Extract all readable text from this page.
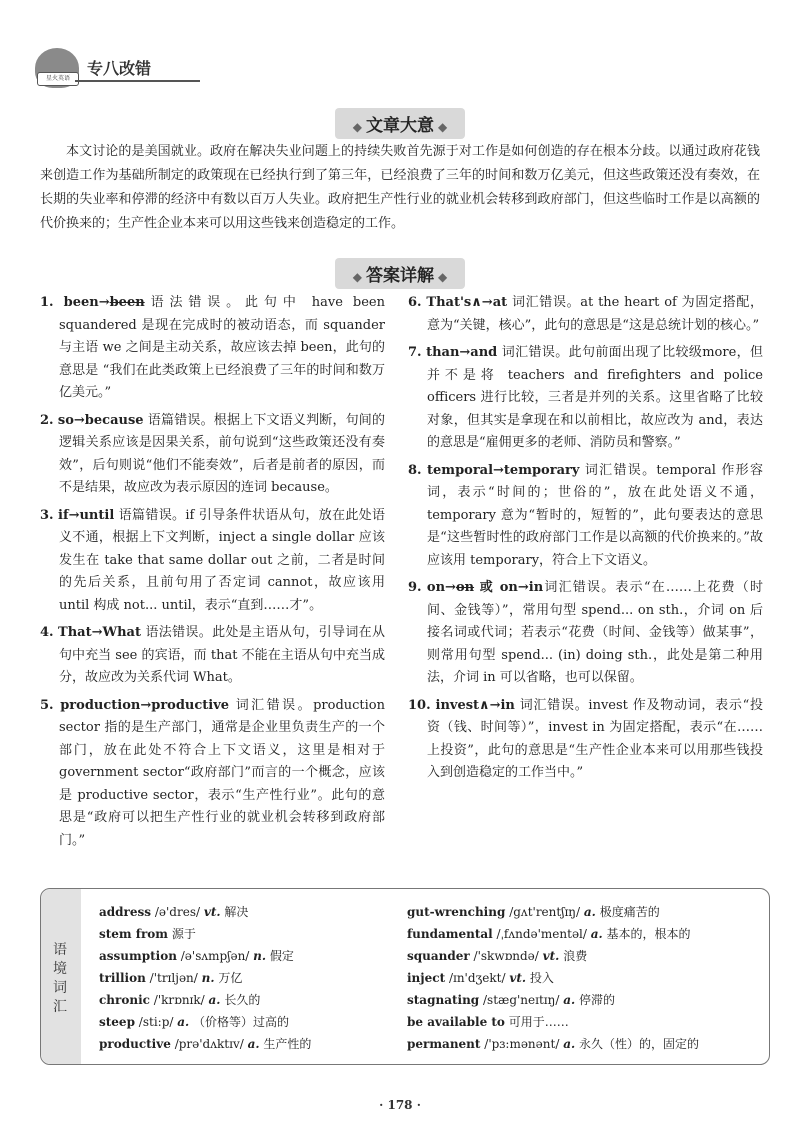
星火英语
专八改错
◆ 文章大意 ◆
本文讨论的是美国就业。政府在解决失业问题上的持续失败首先源于对工作是如何创造的存在根本分歧。以通过政府花钱来创造工作为基础所制定的政策现在已经执行到了第三年，已经浪费了三年的时间和数万亿美元，但这些政策还没有奏效，在长期的失业率和停滞的经济中有数以百万人失业。政府把生产性行业的就业机会转移到政府部门，但这些临时工作是以高额的代价换来的；生产性企业本来可以用这些钱来创造稳定的工作。
◆ 答案详解 ◆

1. been→been语法错误。此句中 have been squandered 是现在完成时的被动语态，而 squander 与主语 we 之间是主动关系，故应该去掉 been，此句的意思是 “我们在此类政策上已经浪费了三年的时间和数万亿美元。”

2. so→because 语篇错误。根据上下文语义判断，句间的逻辑关系应该是因果关系，前句说到“这些政策还没有奏效”，后句则说“他们不能奏效”，后者是前者的原因，而不是结果，故应改为表示原因的连词 because。

3. if→until 语篇错误。if 引导条件状语从句，放在此处语义不通，根据上下文判断，inject a single dollar 应该发生在 take that same dollar out 之前，二者是时间的先后关系，且前句用了否定词 cannot，故应该用 until 构成 not... until，表示“直到……才”。

4. That→What 语法错误。此处是主语从句，引导词在从句中充当 see 的宾语，而 that 不能在主语从句中充当成分，故应改为关系代词 What。

5. production→productive 词汇错误。production sector 指的是生产部门，通常是企业里负责生产的一个部门，放在此处不符合上下文语义，这里是相对于 government sector“政府部门”而言的一个概念，应该是 productive sector，表示“生产性行业”。此句的意思是“政府可以把生产性行业的就业机会转移到政府部门。”

6. That's∧→at 词汇错误。at the heart of 为固定搭配，意为“关键，核心”，此句的意思是“这是总统计划的核心。”

7. than→and 词汇错误。此句前面出现了比较级more，但并不是将 teachers and firefighters and police officers 进行比较，三者是并列的关系。这里省略了比较对象，但其实是拿现在和以前相比，故应改为 and，表达的意思是“雇佣更多的老师、消防员和警察。”

8. temporal→temporary 词汇错误。temporal 作形容词，表示“时间的；世俗的”，放在此处语义不通，temporary 意为“暂时的，短暂的”，此句要表达的意思是“这些暂时性的政府部门工作是以高额的代价换来的。”故应该用 temporary，符合上下文语义。

9. on→on 或 on→in词汇错误。表示“在……上花费（时间、金钱等）”，常用句型 spend... on sth.，介词 on 后接名词或代词；若表示“花费（时间、金钱等）做某事”，则常用句型 spend... (in) doing sth.，此处是第二种用法，介词 in 可以省略，也可以保留。

10. invest∧→in 词汇错误。invest 作及物动词，表示“投资（钱、时间等）”，invest in 为固定搭配，表示“在……上投资”，此句的意思是“生产性企业本来可以用那些钱投入到创造稳定的工作当中。”

语境词汇
address /ə'dres/ vt. 解决
stem from 源于
assumption /ə'sʌmpʃən/ n. 假定
trillion /'trɪljən/ n. 万亿
chronic /'krɒnɪk/ a. 长久的
steep /sti:p/ a. （价格等）过高的
productive /prə'dʌktɪv/ a. 生产性的
gut-wrenching /gʌt'rentʃɪŋ/ a. 极度痛苦的
fundamental /ˌfʌndə'mentəl/ a. 基本的，根本的
squander /'skwɒndə/ vt. 浪费
inject /ɪn'dʒekt/ vt. 投入
stagnating /stæg'neɪtɪŋ/ a. 停滞的
be available to 可用于……
permanent /'pɜ:mənənt/ a. 永久（性）的，固定的
· 178 ·
